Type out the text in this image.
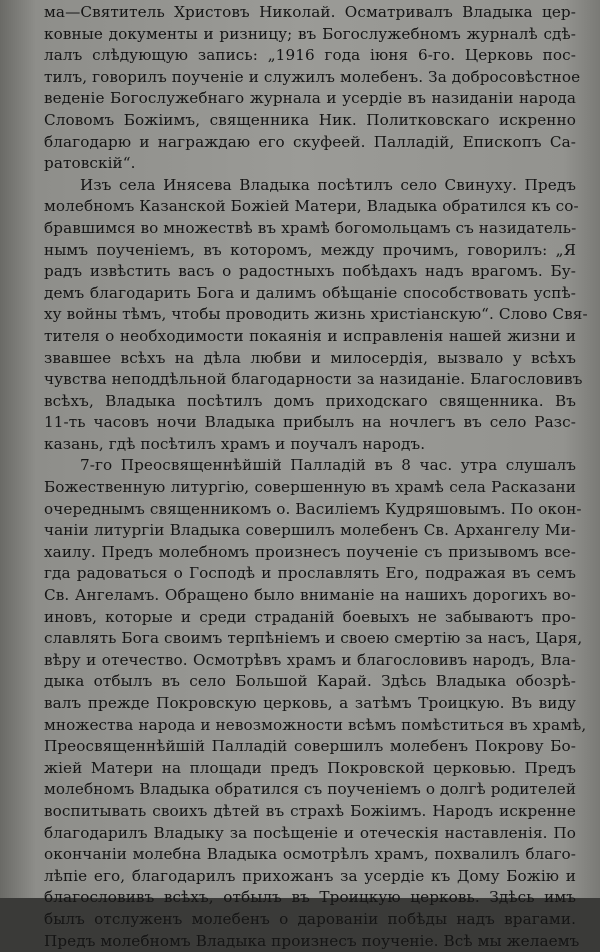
ма—Святитель Христовъ Николай. Осматривалъ Владыка цер-
ковные документы и ризницу; въ Богослужебномъ журналѣ сдѣ-
лалъ слѣдующую запись: „1916 года iюня 6-го. Церковь пос-
тилъ, говорилъ поученiе и служилъ молебенъ. За добросовѣстное
веденiе Богослужебнаго журнала и усердiе въ назиданiи народа
Словомъ Божiимъ, священника Ник. Политковскаго искренно
благодарю и награждаю его скуфеей. Палладiй, Епископъ Са-
ратовскiй“.
Изъ села Инясева Владыка посѣтилъ село Свинуху. Предъ
молебномъ Казанской Божiей Матери, Владыка обратился къ со-
бравшимся во множествѣ въ храмѣ богомольцамъ съ назидатель-
нымъ поученiемъ, въ которомъ, между прочимъ, говорилъ: „Я
радъ извѣстить васъ о радостныхъ побѣдахъ надъ врагомъ. Бу-
демъ благодарить Бога и далимъ обѣщанiе способствовать успѣ-
ху войны тѣмъ, чтобы проводить жизнь христiанскую“. Слово Свя-
тителя о необходимости покаянiя и исправленiя нашей жизни и
звавшее всѣхъ на дѣла любви и милосердiя, вызвало у всѣхъ
чувства неподдѣльной благодарности за назиданiе. Благословивъ
всѣхъ, Владыка посѣтилъ домъ приходскаго священника. Въ
11-ть часовъ ночи Владыка прибылъ на ночлегъ въ село Разс-
казань, гдѣ посѣтилъ храмъ и поучалъ народъ.
7-го Преосвященнѣйшiй Палладiй въ 8 час. утра слушалъ
Божественную литургiю, совершенную въ храмѣ села Расказани
очереднымъ священникомъ о. Василiемъ Кудряшовымъ. По окон-
чанiи литургiи Владыка совершилъ молебенъ Св. Архангелу Ми-
хаилу. Предъ молебномъ произнесъ поученiе съ призывомъ все-
гда радоваться о Господѣ и прославлять Его, подражая въ семъ
Св. Ангеламъ. Обращено было вниманiе на нашихъ дорогихъ во-
иновъ, которые и среди страданiй боевыхъ не забываютъ про-
славлять Бога своимъ терпѣнiемъ и своею смертiю за насъ, Царя,
вѣру и отечество. Осмотрѣвъ храмъ и благословивъ народъ, Вла-
дыка отбылъ въ село Большой Карай. Здѣсь Владыка обозрѣ-
валъ прежде Покровскую церковь, а затѣмъ Троицкую. Въ виду
множества народа и невозможности всѣмъ помѣститься въ храмѣ,
Преосвященнѣйшiй Палладiй совершилъ молебенъ Покрову Бо-
жiей Матери на площади предъ Покровской церковью. Предъ
молебномъ Владыка обратился съ поученiемъ о долгѣ родителей
воспитывать своихъ дѣтей въ страхѣ Божiимъ. Народъ искренне
благодарилъ Владыку за посѣщенiе и отеческiя наставленiя. По
окончанiи молебна Владыка осмотрѣлъ храмъ, похвалилъ благо-
лѣпiе его, благодарилъ прихожанъ за усердiе къ Дому Божiю и
благословивъ всѣхъ, отбылъ въ Троицкую церковь. Здѣсь имъ
былъ отслуженъ молебенъ о дарованiи побѣды надъ врагами.
Предъ молебномъ Владыка произнесъ поученiе. Всѣ мы желаемъ
